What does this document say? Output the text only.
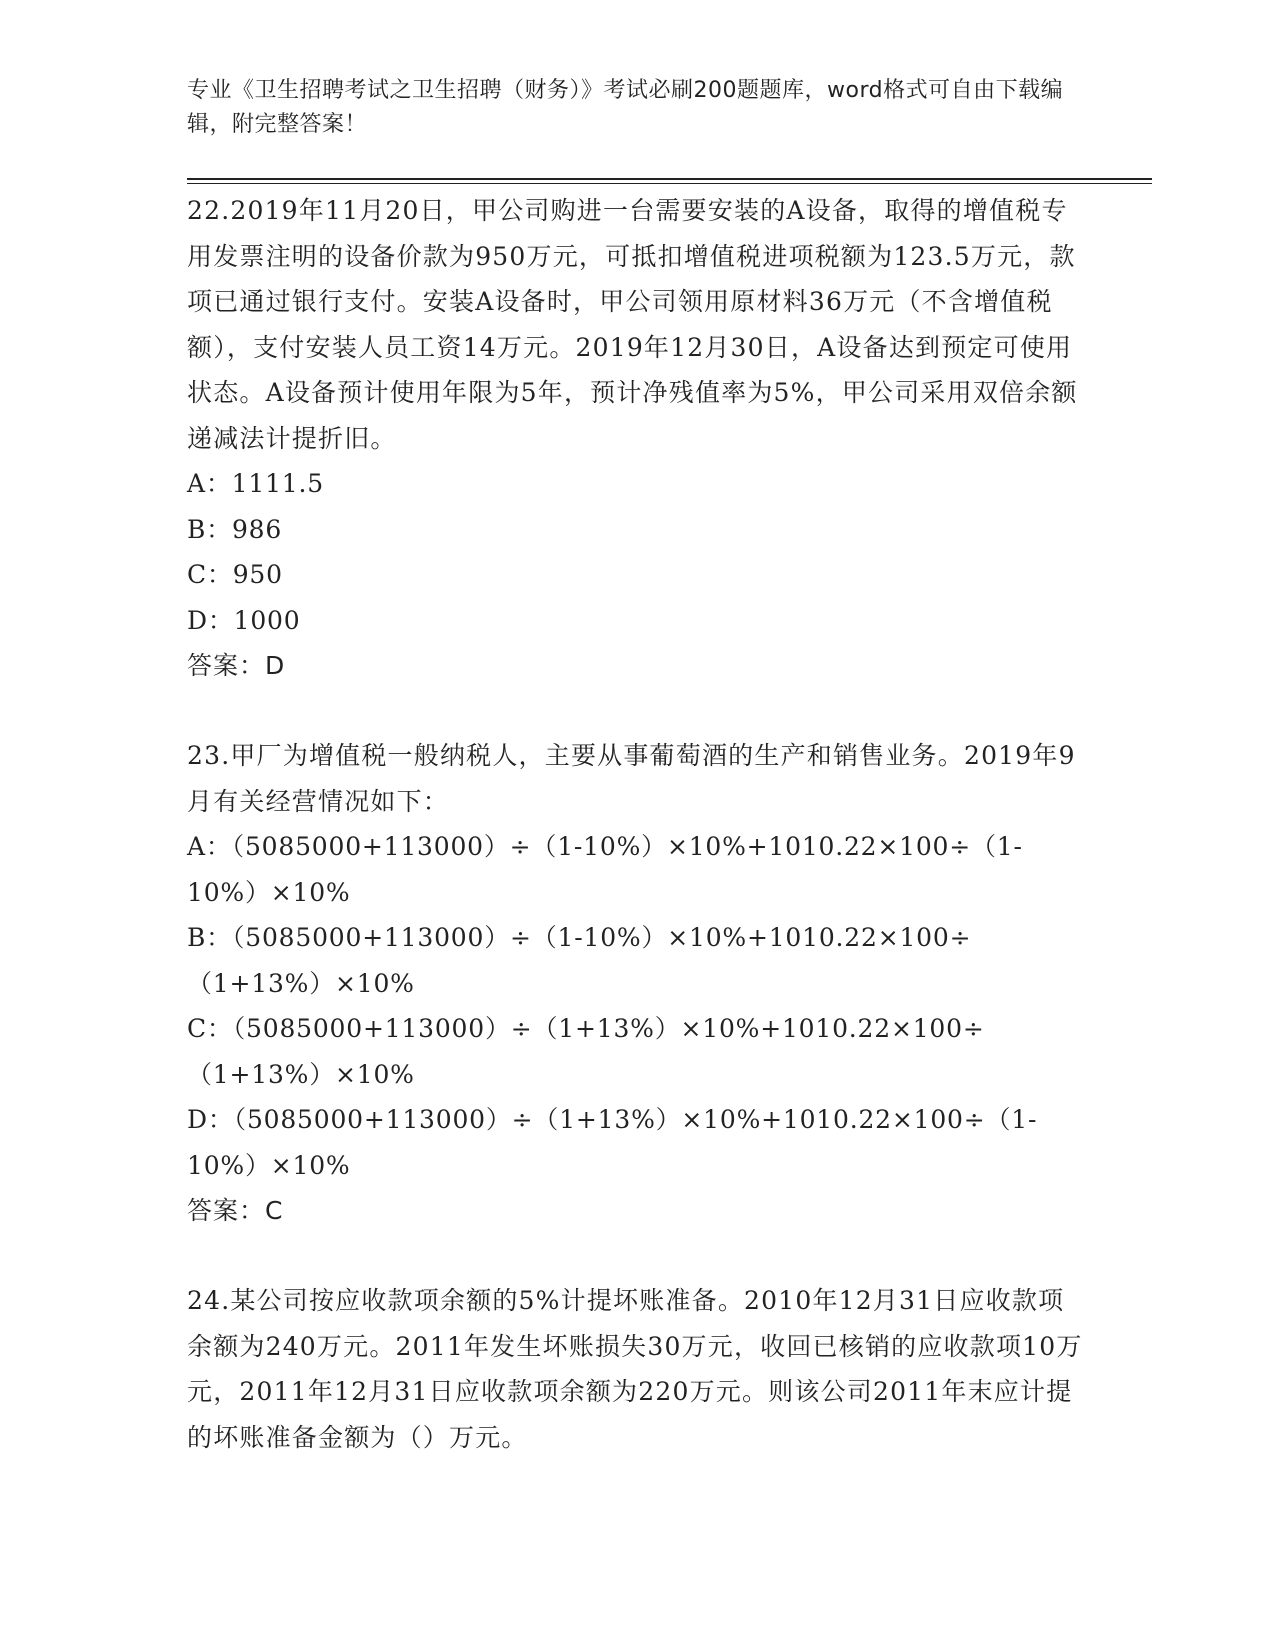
专业《卫生招聘考试之卫生招聘（财务）》考试必刷200题题库，word格式可自由下载编辑，附完整答案！
22.2019年11月20日，甲公司购进一台需要安装的A设备，取得的增值税专用发票注明的设备价款为950万元，可抵扣增值税进项税额为123.5万元，款项已通过银行支付。安装A设备时，甲公司领用原材料36万元（不含增值税额），支付安装人员工资14万元。2019年12月30日，A设备达到预定可使用状态。A设备预计使用年限为5年，预计净残值率为5%，甲公司采用双倍余额递减法计提折旧。
A：1111.5
B：986
C：950
D：1000
答案：D
23.甲厂为增值税一般纳税人，主要从事葡萄酒的生产和销售业务。2019年9月有关经营情况如下：
A：（5085000+113000）÷（1-10%）×10%+1010.22×100÷（1-10%）×10%
B：（5085000+113000）÷（1-10%）×10%+1010.22×100÷（1+13%）×10%
C：（5085000+113000）÷（1+13%）×10%+1010.22×100÷（1+13%）×10%
D：（5085000+113000）÷（1+13%）×10%+1010.22×100÷（1-10%）×10%
答案：C
24.某公司按应收款项余额的5%计提坏账准备。2010年12月31日应收款项余额为240万元。2011年发生坏账损失30万元，收回已核销的应收款项10万元，2011年12月31日应收款项余额为220万元。则该公司2011年末应计提的坏账准备金额为（）万元。
